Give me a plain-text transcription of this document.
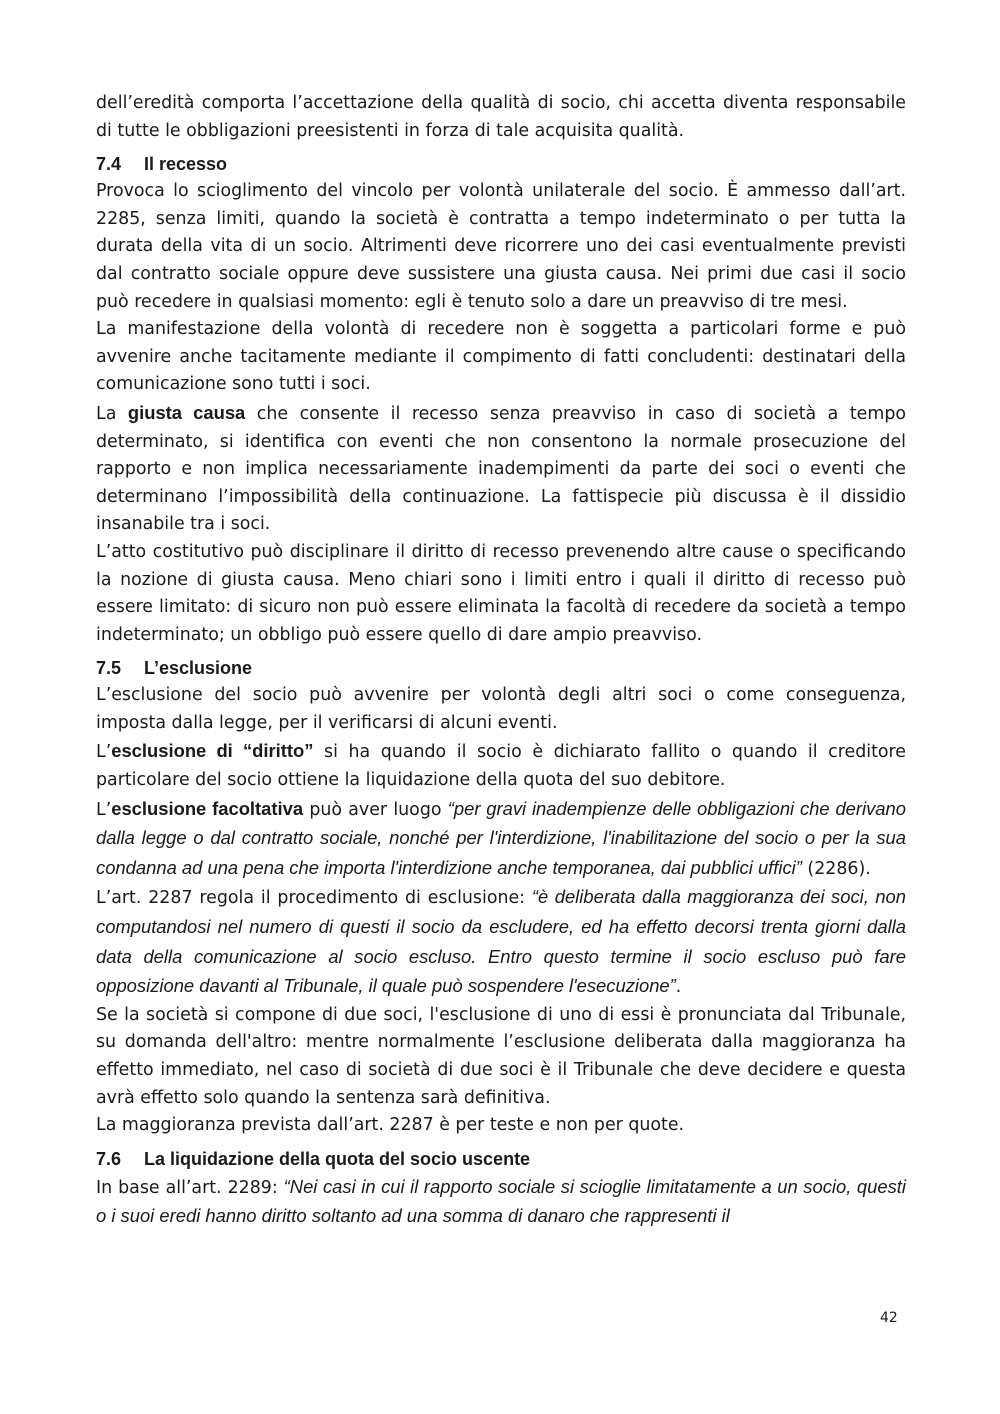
dell’eredità comporta l’accettazione della qualità di socio, chi accetta diventa responsabile di tutte le obbligazioni preesistenti in forza di tale acquisita qualità.

7.4 Il recesso

Provoca lo scioglimento del vincolo per volontà unilaterale del socio. È ammesso dall’art. 2285, senza limiti, quando la società è contratta a tempo indeterminato o per tutta la durata della vita di un socio. Altrimenti deve ricorrere uno dei casi eventualmente previsti dal contratto sociale oppure deve sussistere una giusta causa. Nei primi due casi il socio può recedere in qualsiasi momento: egli è tenuto solo a dare un preavviso di tre mesi.

La manifestazione della volontà di recedere non è soggetta a particolari forme e può avvenire anche tacitamente mediante il compimento di fatti concludenti: destinatari della comunicazione sono tutti i soci.

La giusta causa che consente il recesso senza preavviso in caso di società a tempo determinato, si identifica con eventi che non consentono la normale prosecuzione del rapporto e non implica necessariamente inadempimenti da parte dei soci o eventi che determinano l’impossibilità della continuazione. La fattispecie più discussa è il dissidio insanabile tra i soci.

L’atto costitutivo può disciplinare il diritto di recesso prevenendo altre cause o specificando la nozione di giusta causa. Meno chiari sono i limiti entro i quali il diritto di recesso può essere limitato: di sicuro non può essere eliminata la facoltà di recedere da società a tempo indeterminato; un obbligo può essere quello di dare ampio preavviso.

7.5 L’esclusione

L’esclusione del socio può avvenire per volontà degli altri soci o come conseguenza, imposta dalla legge, per il verificarsi di alcuni eventi.

L’esclusione di “diritto” si ha quando il socio è dichiarato fallito o quando il creditore particolare del socio ottiene la liquidazione della quota del suo debitore.

L’esclusione facoltativa può aver luogo “per gravi inadempienze delle obbligazioni che derivano dalla legge o dal contratto sociale, nonché per l'interdizione, l'inabilitazione del socio o per la sua condanna ad una pena che importa l'interdizione anche temporanea, dai pubblici uffici” (2286).

L’art. 2287 regola il procedimento di esclusione: “è deliberata dalla maggioranza dei soci, non computandosi nel numero di questi il socio da escludere, ed ha effetto decorsi trenta giorni dalla data della comunicazione al socio escluso. Entro questo termine il socio escluso può fare opposizione davanti al Tribunale, il quale può sospendere l'esecuzione”.

Se la società si compone di due soci, l'esclusione di uno di essi è pronunciata dal Tribunale, su domanda dell'altro: mentre normalmente l’esclusione deliberata dalla maggioranza ha effetto immediato, nel caso di società di due soci è il Tribunale che deve decidere e questa avrà effetto solo quando la sentenza sarà definitiva.

La maggioranza prevista dall’art. 2287 è per teste e non per quote.

7.6 La liquidazione della quota del socio uscente

In base all’art. 2289: “Nei casi in cui il rapporto sociale si scioglie limitatamente a un socio, questi o i suoi eredi hanno diritto soltanto ad una somma di danaro che rappresenti il

42
